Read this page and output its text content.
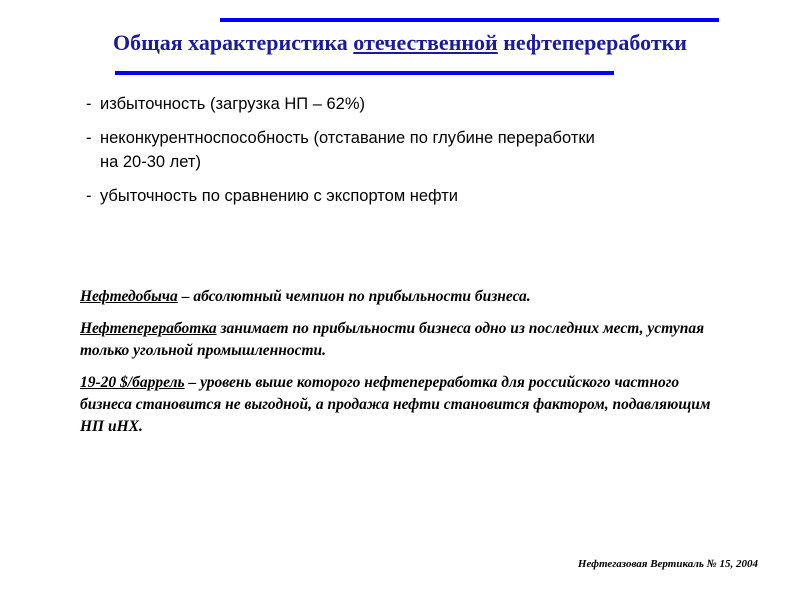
Общая характеристика отечественной нефтепереработки
- избыточность (загрузка НП – 62%)
- неконкурентноспособность (отставание по глубине переработки
на 20-30 лет)
- убыточность по сравнению с экспортом нефти

Нефтедобыча – абсолютный чемпион по прибыльности бизнеса.

Нефтепереработка занимает по прибыльности бизнеса одно из последних мест, уступая только угольной промышленности.

19-20 $/баррель – уровень выше которого нефтепереработка для российского частного бизнеса становится не выгодной, а продажа нефти становится фактором, подавляющим НП иНХ.

Нефтегазовая Вертикаль № 15, 2004
